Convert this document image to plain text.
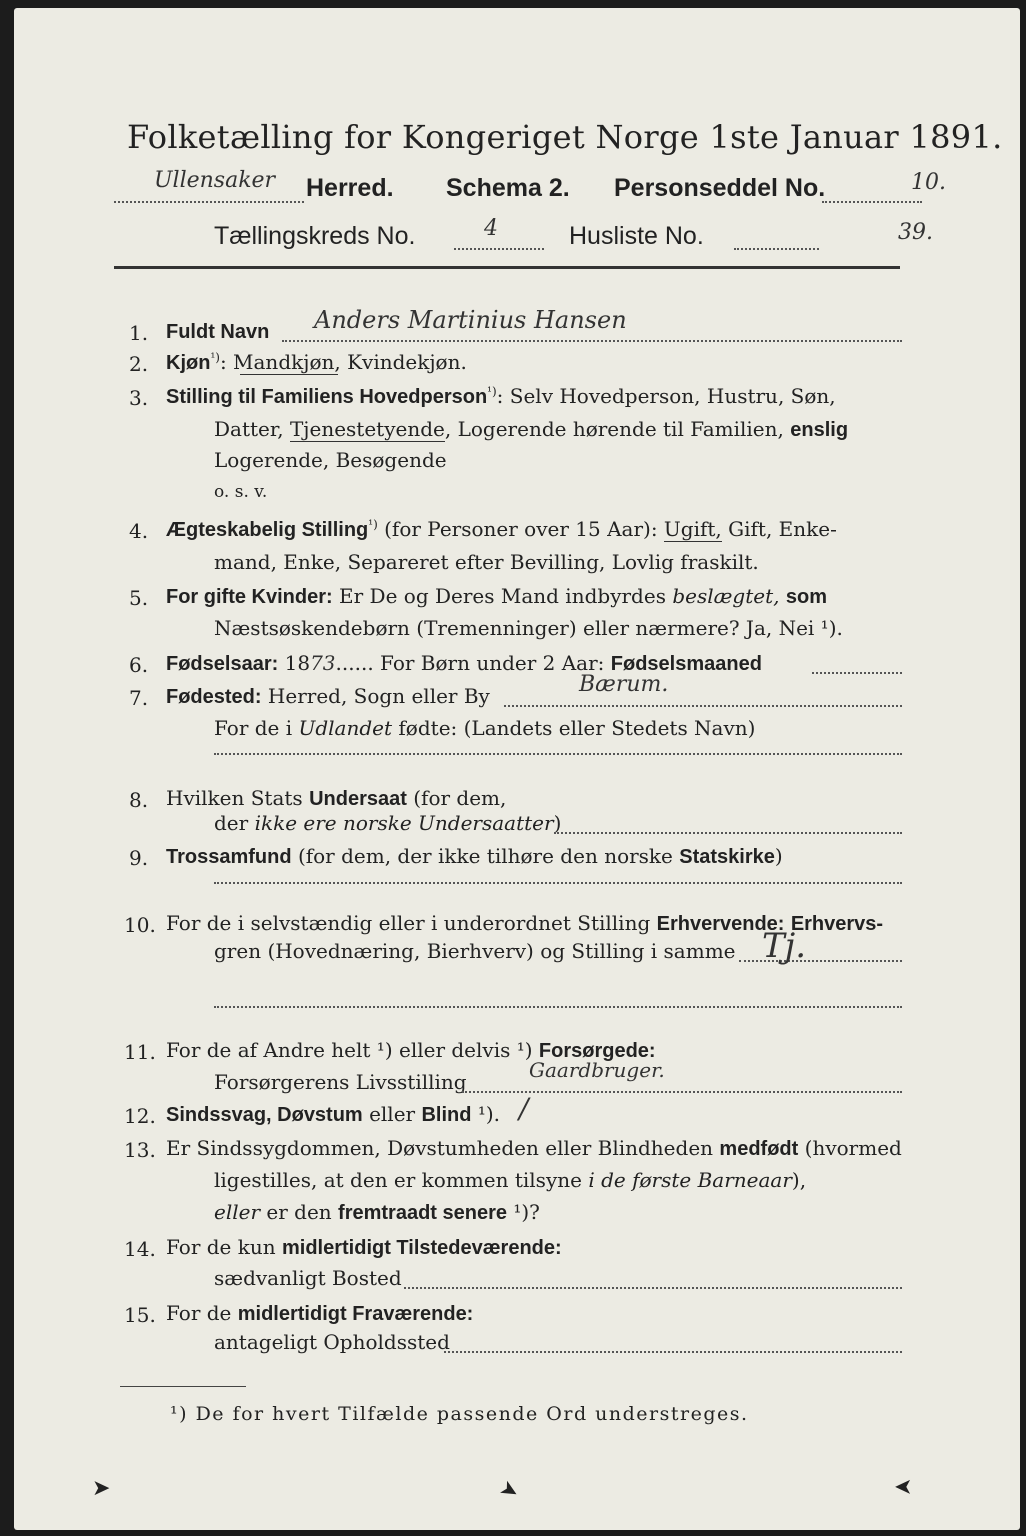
Folketælling for Kongeriget Norge 1ste Januar 1891.
Ullensaker Herred. Schema 2. Personseddel No.	10.
Tællingskreds No.	4	Husliste No.	39.
1. Fuldt Navn Anders Martinius Hansen
2. Kjøn$^{^1)}$: Mandkjøn, Kvindekjøn.
3. Stilling til Familiens Hovedperson$^{^1)}$: Selv Hovedperson, Hustru, Søn,
Datter, Tjenestetyende, Logerende hørende til Familien, enslig
Logerende, Besøgende
o. s. v.
4. Ægteskabelig Stilling$^{^1)}$ (for Personer over 15 Aar): Ugift, Gift, Enke-
mand, Enke, Separeret efter Bevilling, Lovlig fraskilt.
5. For gifte Kvinder: Er De og Deres Mand indbyrdes beslægtet, som
Næstsøskendebørn (Tremenninger) eller nærmere? Ja, Nei ¹).
6. Fødselsaar: 1873...... For Børn under 2 Aar: Fødselsmaaned
7. Fødested: Herred, Sogn eller By	Bærum.
For de i Udlandet fødte: (Landets eller Stedets Navn)
8. Hvilken Stats Undersaat (for dem,
der ikke ere norske Undersaatter)
9. Trossamfund (for dem, der ikke tilhøre den norske Statskirke)
10. For de i selvstændig eller i underordnet Stilling Erhvervende: Erhvervs-
gren (Hovednæring, Bierhverv) og Stilling i samme Tj.
11. For de af Andre helt ¹) eller delvis ¹) Forsørgede:
Forsørgerens Livsstilling	Gaardbruger.
12. Sindssvag, Døvstum eller Blind ¹). /
13. Er Sindssygdommen, Døvstumheden eller Blindheden medfødt (hvormed
ligestilles, at den er kommen tilsyne i de første Barneaar),
eller er den fremtraadt senere ¹)?
14. For de kun midlertidigt Tilstedeværende:
sædvanligt Bosted
15. For de midlertidigt Fraværende:
antageligt Opholdssted
¹) De for hvert Tilfælde passende Ord understreges.
➤	➤	➤
